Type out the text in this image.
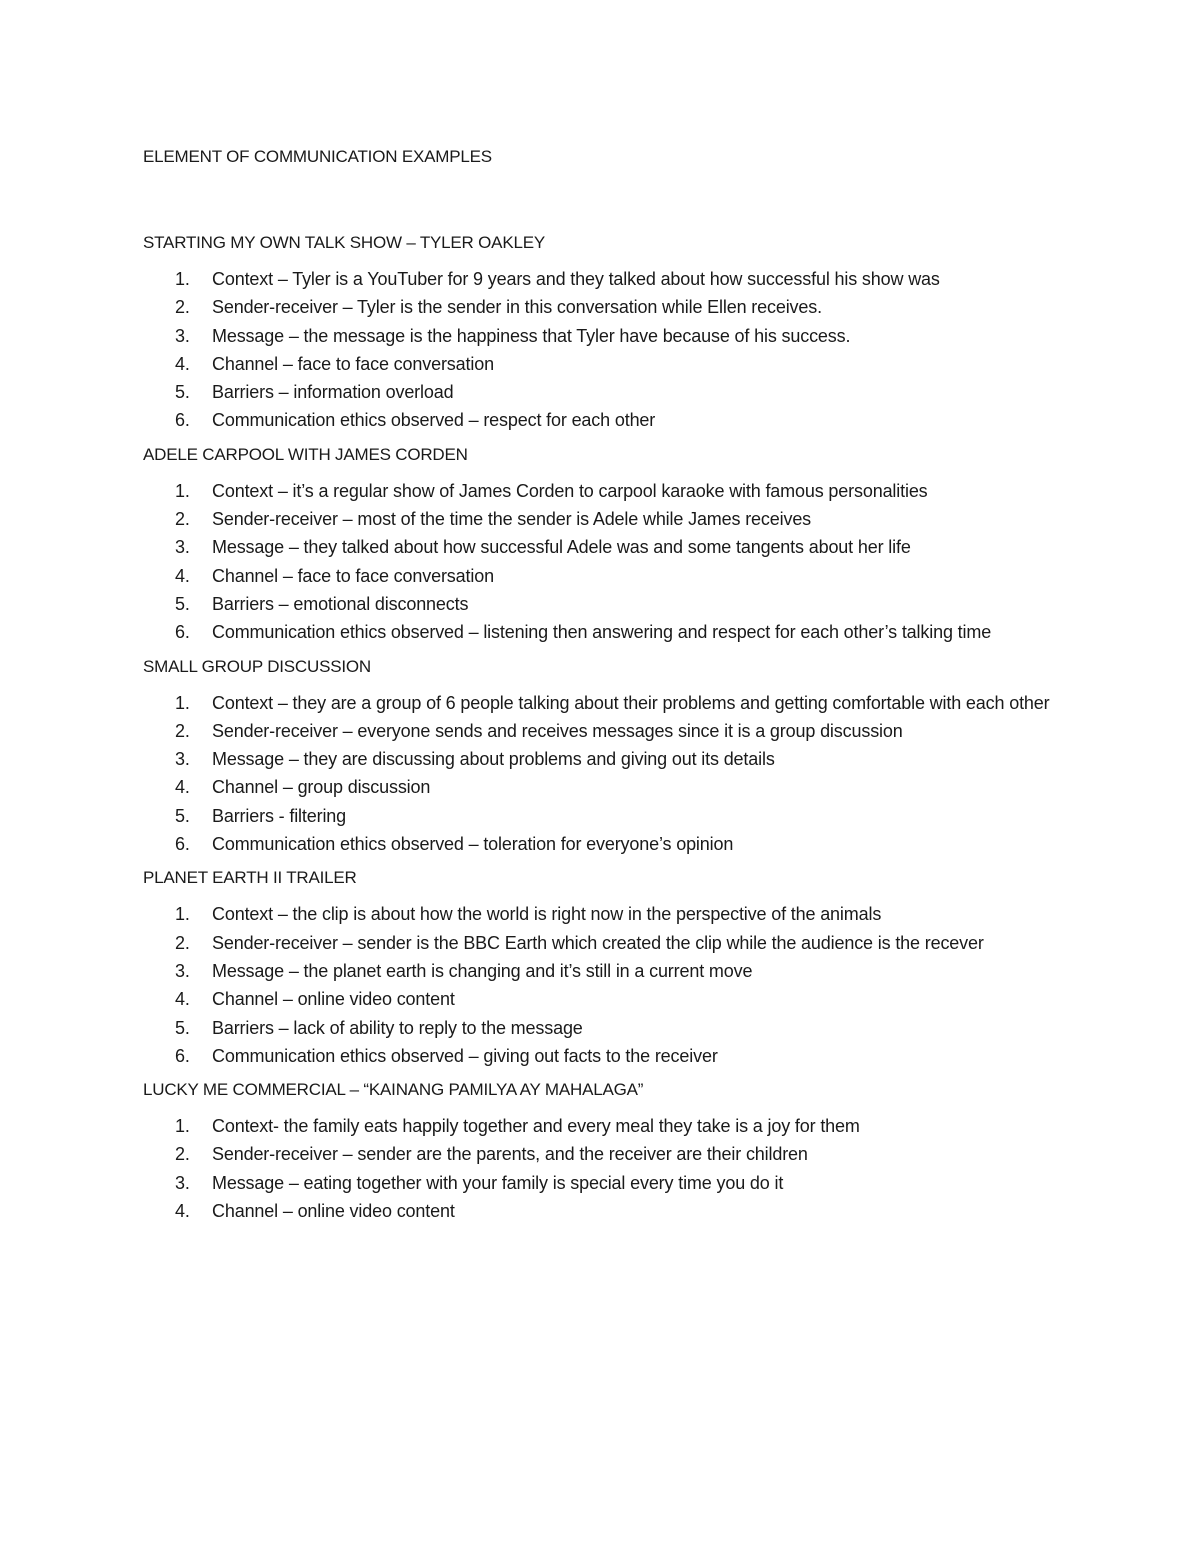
ELEMENT OF COMMUNICATION EXAMPLES
STARTING MY OWN TALK SHOW – TYLER OAKLEY
1. Context – Tyler is a YouTuber for 9 years and they talked about how successful his show was
2. Sender-receiver – Tyler is the sender in this conversation while Ellen receives.
3. Message – the message is the happiness that Tyler have because of his success.
4. Channel – face to face conversation
5. Barriers – information overload
6. Communication ethics observed – respect for each other
ADELE CARPOOL WITH JAMES CORDEN
1. Context – it’s a regular show of James Corden to carpool karaoke with famous personalities
2. Sender-receiver – most of the time the sender is Adele while James receives
3. Message – they talked about how successful Adele was and some tangents about her life
4. Channel – face to face conversation
5. Barriers – emotional disconnects
6. Communication ethics observed – listening then answering and respect for each other’s talking time
SMALL GROUP DISCUSSION
1. Context – they are a group of 6 people talking about their problems and getting comfortable with each other
2. Sender-receiver – everyone sends and receives messages since it is a group discussion
3. Message – they are discussing about problems and giving out its details
4. Channel – group discussion
5. Barriers - filtering
6. Communication ethics observed – toleration for everyone’s opinion
PLANET EARTH II TRAILER
1. Context – the clip is about how the world is right now in the perspective of the animals
2. Sender-receiver – sender is the BBC Earth which created the clip while the audience is the recever
3. Message – the planet earth is changing and it’s still in a current move
4. Channel – online video content
5. Barriers – lack of ability to reply to the message
6. Communication ethics observed – giving out facts to the receiver
LUCKY ME COMMERCIAL – “KAINANG PAMILYA AY MAHALAGA”
1. Context- the family eats happily together and every meal they take is a joy for them
2. Sender-receiver – sender are the parents, and the receiver are their children
3. Message – eating together with your family is special every time you do it
4. Channel – online video content
